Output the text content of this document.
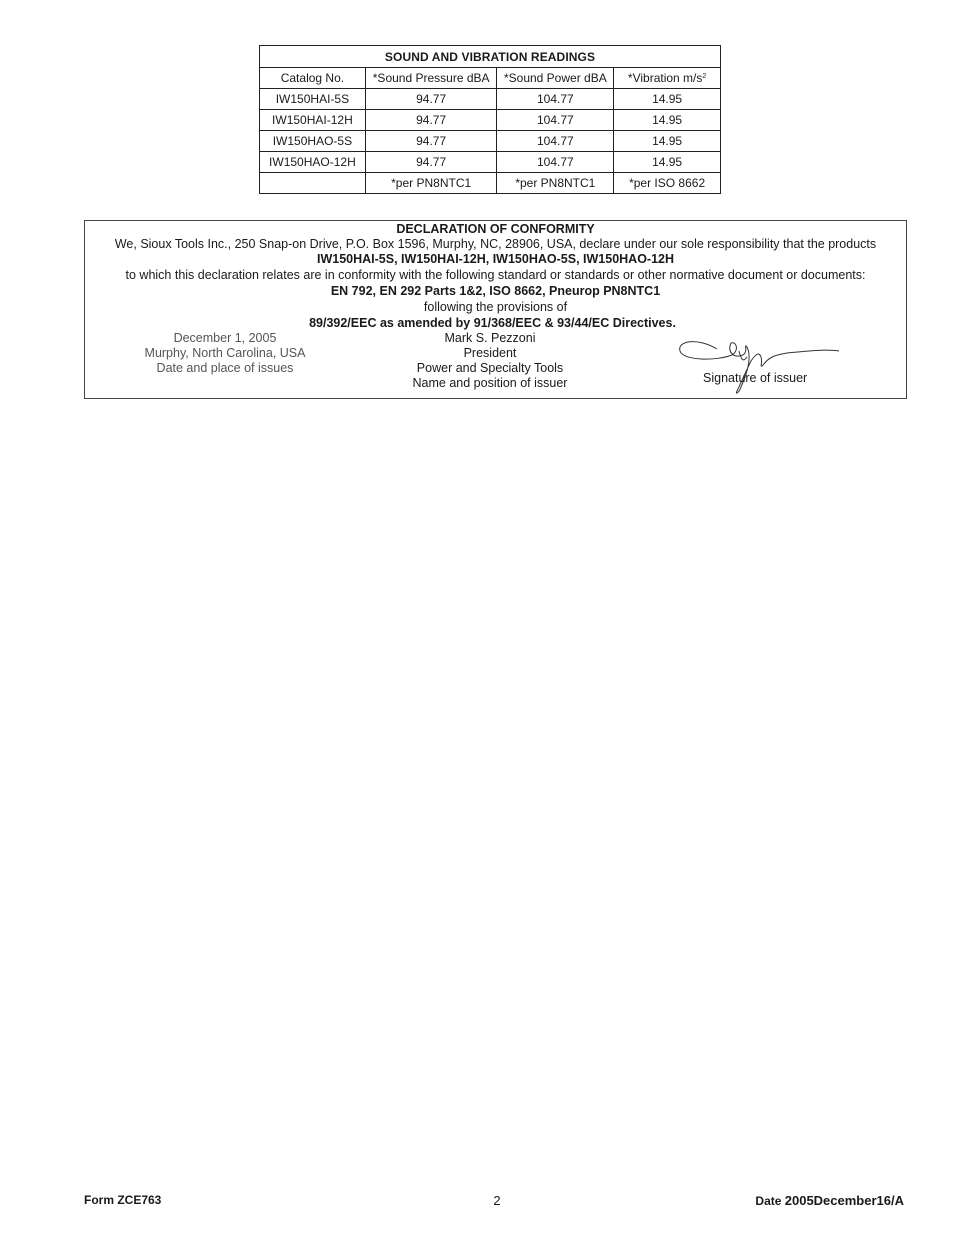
SOUND AND VIBRATION READINGS			
Catalog No.	*Sound Pressure dBA	*Sound Power dBA	*Vibration $m/s^2$
IW150HAI-5S	94.77	104.77	14.95
IW150HAI-12H	94.77	104.77	14.95
IW150HAO-5S	94.77	104.77	14.95
IW150HAO-12H	94.77	104.77	14.95
	*per PN8NTC1	*per PN8NTC1	*per ISO 8662
DECLARATION OF CONFORMITY
We, Sioux Tools Inc., 250 Snap-on Drive, P.O. Box 1596, Murphy, NC, 28906, USA, declare under our sole responsibility that the products
IW150HAI-5S, IW150HAI-12H, IW150HAO-5S, IW150HAO-12H
to which this declaration relates are in conformity with the following standard or standards or other normative document or documents:
EN 792, EN 292 Parts 1&2, ISO 8662, Pneurop PN8NTC1
following the provisions of
89/392/EEC as amended by 91/368/EEC & 93/44/EC Directives.
December 1, 2005
Murphy, North Carolina, USA
Date and place of issues
Mark S. Pezzoni
President
Power and Specialty Tools
Name and position of issuer	Signature of issuer
Form ZCE763	2	Date 2005December16/A
